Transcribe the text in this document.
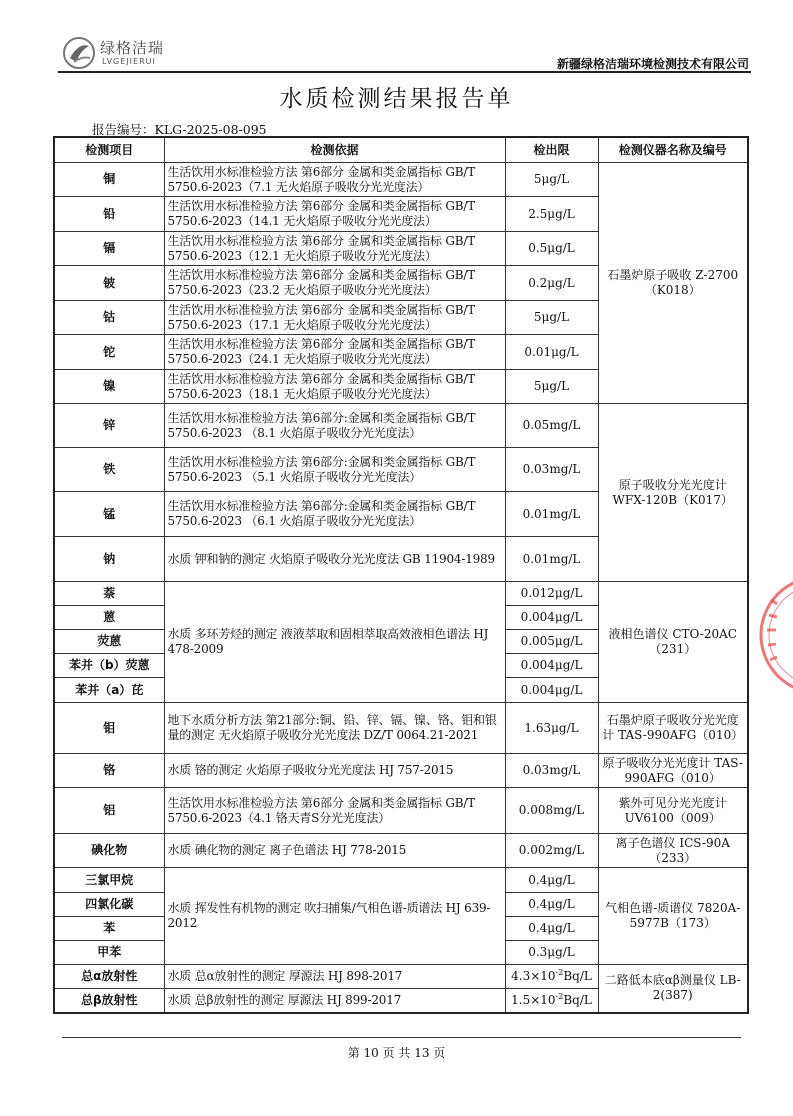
绿格洁瑞
LVGEJIERUI	新疆绿格洁瑞环境检测技术有限公司
水质检测结果报告单
报告编号：KLG-2025-08-095
检测项目	检测依据	检出限	检测仪器名称及编号
铜	生活饮用水标准检验方法 第6部分 金属和类金属指标 GB/T 5750.6-2023（7.1 无火焰原子吸收分光光度法）	5μg/L	石墨炉原子吸收 Z-2700（K018）
铅	生活饮用水标准检验方法 第6部分 金属和类金属指标 GB/T 5750.6-2023（14.1 无火焰原子吸收分光光度法）	2.5μg/L	
镉	生活饮用水标准检验方法 第6部分 金属和类金属指标 GB/T 5750.6-2023（12.1 无火焰原子吸收分光光度法）	0.5μg/L	
铍	生活饮用水标准检验方法 第6部分 金属和类金属指标 GB/T 5750.6-2023（23.2 无火焰原子吸收分光光度法）	0.2μg/L	
钴	生活饮用水标准检验方法 第6部分 金属和类金属指标 GB/T 5750.6-2023（17.1 无火焰原子吸收分光光度法）	5μg/L	
铊	生活饮用水标准检验方法 第6部分 金属和类金属指标 GB/T 5750.6-2023（24.1 无火焰原子吸收分光光度法）	0.01μg/L	
镍	生活饮用水标准检验方法 第6部分 金属和类金属指标 GB/T 5750.6-2023（18.1 无火焰原子吸收分光光度法）	5μg/L	
锌	生活饮用水标准检验方法 第6部分:金属和类金属指标 GB/T 5750.6-2023 （8.1 火焰原子吸收分光光度法）	0.05mg/L	原子吸收分光光度计 WFX-120B（K017）
铁	生活饮用水标准检验方法 第6部分:金属和类金属指标 GB/T 5750.6-2023 （5.1 火焰原子吸收分光光度法）	0.03mg/L	
锰	生活饮用水标准检验方法 第6部分:金属和类金属指标 GB/T 5750.6-2023 （6.1 火焰原子吸收分光光度法）	0.01mg/L	
钠	水质 钾和钠的测定 火焰原子吸收分光光度法 GB 11904-1989	0.01mg/L	
萘	水质 多环芳烃的测定 液液萃取和固相萃取高效液相色谱法 HJ 478-2009	0.012μg/L	液相色谱仪 CTO-20AC（231）
蒽		0.004μg/L	
荧蒽		0.005μg/L	
苯并（b）荧蒽		0.004μg/L	
苯并（a）芘		0.004μg/L	
钼	地下水质分析方法 第21部分:铜、铅、锌、镉、镍、铬、钼和银量的测定 无火焰原子吸收分光光度法 DZ/T 0064.21-2021	1.63μg/L	石墨炉原子吸收分光光度计 TAS-990AFG（010）
铬	水质 铬的测定 火焰原子吸收分光光度法 HJ 757-2015	0.03mg/L	原子吸收分光光度计 TAS-990AFG（010）
铝	生活饮用水标准检验方法 第6部分 金属和类金属指标 GB/T 5750.6-2023（4.1 铬天青S分光光度法）	0.008mg/L	紫外可见分光光度计 UV6100（009）
碘化物	水质 碘化物的测定 离子色谱法 HJ 778-2015	0.002mg/L	离子色谱仪 ICS-90A （233）
三氯甲烷	水质 挥发性有机物的测定 吹扫捕集/气相色谱-质谱法 HJ 639-2012	0.4μg/L	气相色谱-质谱仪 7820A-5977B（173）
四氯化碳		0.4μg/L	
苯		0.4μg/L	
甲苯		0.3μg/L	
总α放射性	水质 总α放射性的测定 厚源法 HJ 898-2017	$4.3\times 10^{-2}Bq/L$	二路低本底αβ测量仪 LB-2(387)
总β放射性	水质 总β放射性的测定 厚源法 HJ 899-2017	$1.5\times 10^{-2}Bq/L$	
第 10 页 共 13 页
